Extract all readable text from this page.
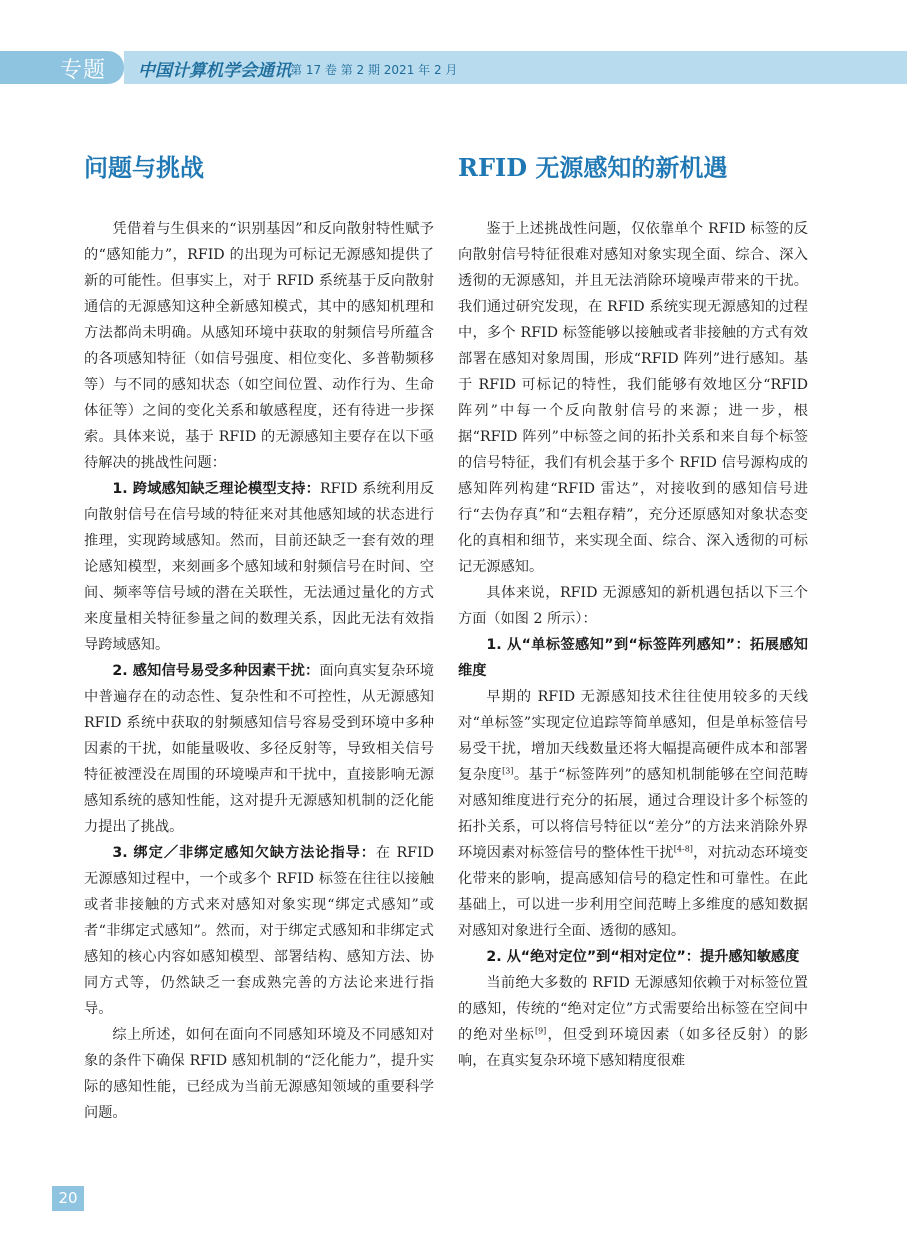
专题 中国计算机学会通讯 第 17 卷 第 2 期 2021 年 2 月
问题与挑战

凭借着与生俱来的“识别基因”和反向散射特性赋予的“感知能力”，RFID 的出现为可标记无源感知提供了新的可能性。但事实上，对于 RFID 系统基于反向散射通信的无源感知这种全新感知模式，其中的感知机理和方法都尚未明确。从感知环境中获取的射频信号所蕴含的各项感知特征（如信号强度、相位变化、多普勒频移等）与不同的感知状态（如空间位置、动作行为、生命体征等）之间的变化关系和敏感程度，还有待进一步探索。具体来说，基于 RFID 的无源感知主要存在以下亟待解决的挑战性问题：

1. 跨域感知缺乏理论模型支持：RFID 系统利用反向散射信号在信号域的特征来对其他感知域的状态进行推理，实现跨域感知。然而，目前还缺乏一套有效的理论感知模型，来刻画多个感知域和射频信号在时间、空间、频率等信号域的潜在关联性，无法通过量化的方式来度量相关特征参量之间的数理关系，因此无法有效指导跨域感知。

2. 感知信号易受多种因素干扰：面向真实复杂环境中普遍存在的动态性、复杂性和不可控性，从无源感知 RFID 系统中获取的射频感知信号容易受到环境中多种因素的干扰，如能量吸收、多径反射等，导致相关信号特征被湮没在周围的环境噪声和干扰中，直接影响无源感知系统的感知性能，这对提升无源感知机制的泛化能力提出了挑战。

3. 绑定／非绑定感知欠缺方法论指导：在 RFID 无源感知过程中，一个或多个 RFID 标签在往往以接触或者非接触的方式来对感知对象实现“绑定式感知”或者“非绑定式感知”。然而，对于绑定式感知和非绑定式感知的核心内容如感知模型、部署结构、感知方法、协同方式等，仍然缺乏一套成熟完善的方法论来进行指导。

综上所述，如何在面向不同感知环境及不同感知对象的条件下确保 RFID 感知机制的“泛化能力”，提升实际的感知性能，已经成为当前无源感知领域的重要科学问题。

RFID 无源感知的新机遇

鉴于上述挑战性问题，仅依靠单个 RFID 标签的反向散射信号特征很难对感知对象实现全面、综合、深入透彻的无源感知，并且无法消除环境噪声带来的干扰。我们通过研究发现，在 RFID 系统实现无源感知的过程中，多个 RFID 标签能够以接触或者非接触的方式有效部署在感知对象周围，形成“RFID 阵列”进行感知。基于 RFID 可标记的特性，我们能够有效地区分“RFID 阵列”中每一个反向散射信号的来源；进一步，根据“RFID 阵列”中标签之间的拓扑关系和来自每个标签的信号特征，我们有机会基于多个 RFID 信号源构成的感知阵列构建“RFID 雷达”，对接收到的感知信号进行“去伪存真”和“去粗存精”，充分还原感知对象状态变化的真相和细节，来实现全面、综合、深入透彻的可标记无源感知。

具体来说，RFID 无源感知的新机遇包括以下三个方面（如图 2 所示）：

1. 从“单标签感知”到“标签阵列感知”：拓展感知维度

早期的 RFID 无源感知技术往往使用较多的天线对“单标签”实现定位追踪等简单感知，但是单标签信号易受干扰，增加天线数量还将大幅提高硬件成本和部署复杂度[3]。基于“标签阵列”的感知机制能够在空间范畴对感知维度进行充分的拓展，通过合理设计多个标签的拓扑关系，可以将信号特征以“差分”的方法来消除外界环境因素对标签信号的整体性干扰[4-8]，对抗动态环境变化带来的影响，提高感知信号的稳定性和可靠性。在此基础上，可以进一步利用空间范畴上多维度的感知数据对感知对象进行全面、透彻的感知。

2. 从“绝对定位”到“相对定位”：提升感知敏感度

当前绝大多数的 RFID 无源感知依赖于对标签位置的感知，传统的“绝对定位”方式需要给出标签在空间中的绝对坐标[9]，但受到环境因素（如多径反射）的影响，在真实复杂环境下感知精度很难

20
